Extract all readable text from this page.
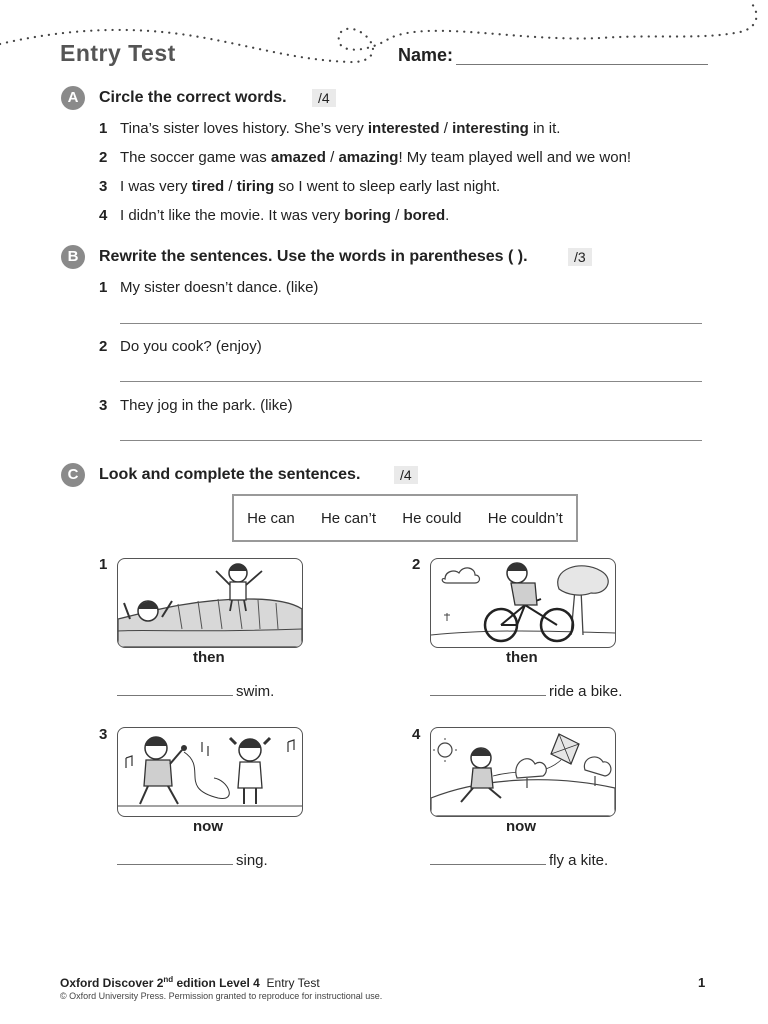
Entry Test	Name:
A	Circle the correct words.	/4
1 Tina’s sister loves history. She’s very interested / interesting in it.
2 The soccer game was amazed / amazing! My team played well and we won!
3 I was very tired / tiring so I went to sleep early last night.
4 I didn’t like the movie. It was very boring / bored.
B	Rewrite the sentences. Use the words in parentheses ( ).	/3
1 My sister doesn’t dance. (like)
2 Do you cook? (enjoy)
3 They jog in the park. (like)
C	Look and complete the sentences.	/4
He can He can’t He could He couldn’t
1
then
swim.
2
then
ride a bike.
3
now
sing.
4
now
fly a kite.
Oxford Discover 2nd edition Level 4 Entry Test
© Oxford University Press. Permission granted to reproduce for instructional use.
1
